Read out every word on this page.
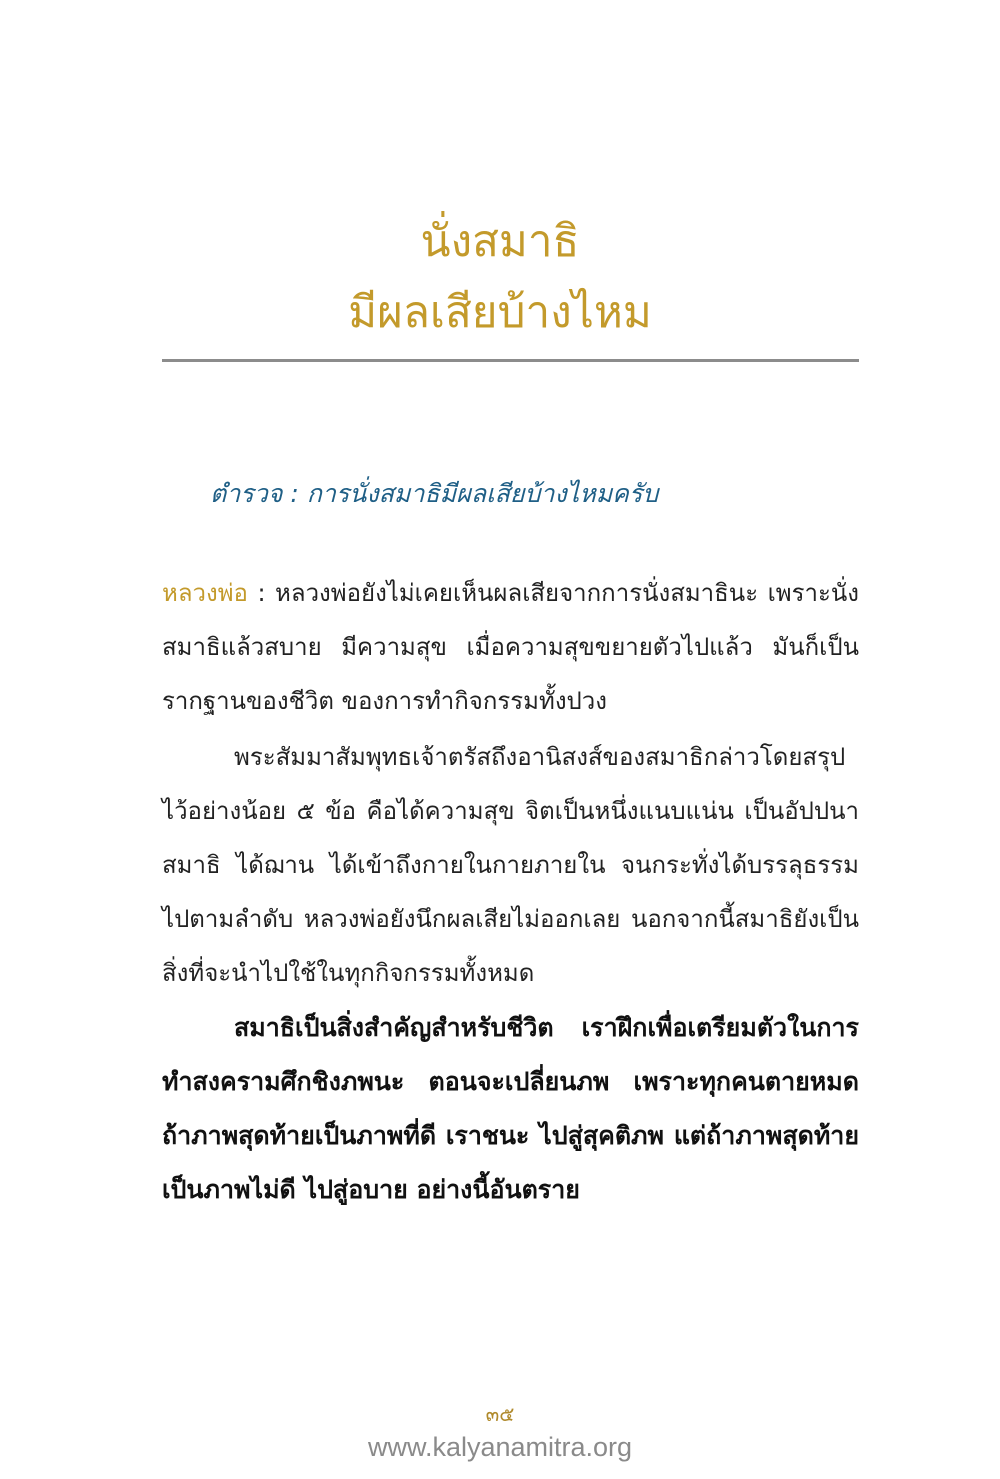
นั่งสมาธิ
มีผลเสียบ้างไหม
ตำรวจ : การนั่งสมาธิมีผลเสียบ้างไหมครับ
หลวงพ่อ : หลวงพ่อยังไม่เคยเห็นผลเสียจากการนั่งสมาธินะ เพราะนั่งสมาธิแล้วสบาย มีความสุข เมื่อความสุขขยายตัวไปแล้ว มันก็เป็นรากฐานของชีวิต ของการทำกิจกรรมทั้งปวง
พระสัมมาสัมพุทธเจ้าตรัสถึงอานิสงส์ของสมาธิกล่าวโดยสรุปไว้อย่างน้อย ๕ ข้อ คือได้ความสุข จิตเป็นหนึ่งแนบแน่น เป็นอัปปนาสมาธิ ได้ฌาน ได้เข้าถึงกายในกายภายใน จนกระทั่งได้บรรลุธรรมไปตามลำดับ หลวงพ่อยังนึกผลเสียไม่ออกเลย นอกจากนี้สมาธิยังเป็นสิ่งที่จะนำไปใช้ในทุกกิจกรรมทั้งหมด
สมาธิเป็นสิ่งสำคัญสำหรับชีวิต เราฝึกเพื่อเตรียมตัวในการทำสงครามศึกชิงภพนะ ตอนจะเปลี่ยนภพ เพราะทุกคนตายหมด ถ้าภาพสุดท้ายเป็นภาพที่ดี เราชนะ ไปสู่สุคติภพ แต่ถ้าภาพสุดท้าย เป็นภาพไม่ดี ไปสู่อบาย อย่างนี้อันตราย
๓๕
www.kalyanamitra.org
